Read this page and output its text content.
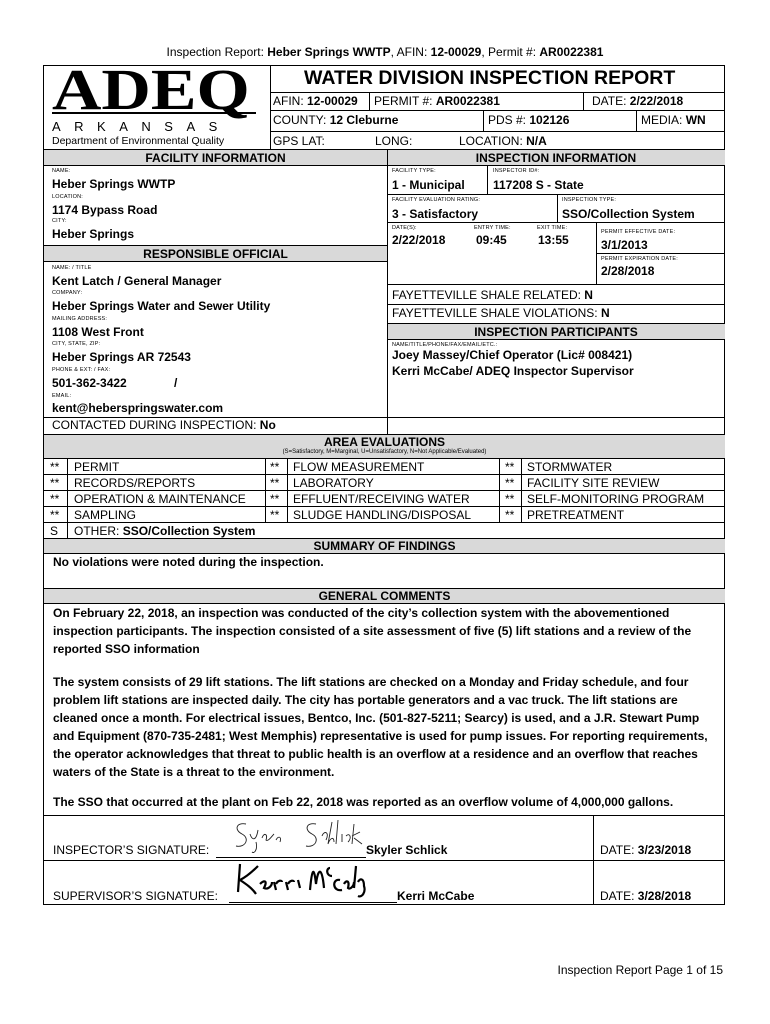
Inspection Report: Heber Springs WWTP, AFIN: 12-00029, Permit #: AR0022381
ADEQ
ARKANSAS
Department of Environmental Quality
WATER DIVISION INSPECTION REPORT
AFIN: 12-00029 PERMIT #: AR0022381	DATE: 2/22/2018
COUNTY: 12 Cleburne	PDS #: 102126	MEDIA: WN
GPS LAT:	LONG:	LOCATION: N/A
FACILITY INFORMATION	INSPECTION INFORMATION
NAME:
Heber Springs WWTP
LOCATION:
1174 Bypass Road
CITY:
Heber Springs
RESPONSIBLE OFFICIAL
NAME: / TITLE
Kent Latch / General Manager
COMPANY:
Heber Springs Water and Sewer Utility
MAILING ADDRESS:
1108 West Front
CITY, STATE, ZIP:
Heber Springs AR 72543
PHONE & EXT: / FAX:
501-362-3422	/
EMAIL:
kent@heberspringswater.com
CONTACTED DURING INSPECTION: No
FACILITY TYPE:
1 - Municipal
INSPECTOR ID#:
117208 S - State
FACILITY EVALUATION RATING:
3 - Satisfactory
INSPECTION TYPE:
SSO/Collection System
DATE(S):	ENTRY TIME:	EXIT TIME:
2/22/2018	09:45	13:55
PERMIT EFFECTIVE DATE:
3/1/2013
PERMIT EXPIRATION DATE:
2/28/2018
FAYETTEVILLE SHALE RELATED: N
FAYETTEVILLE SHALE VIOLATIONS: N
INSPECTION PARTICIPANTS
NAME/TITLE/PHONE/FAX/EMAIL/ETC.:
Joey Massey/Chief Operator (Lic# 008421)
Kerri McCabe/ ADEQ Inspector Supervisor
AREA EVALUATIONS
(S=Satisfactory, M=Marginal, U=Unsatisfactory, N=Not Applicable/Evaluated)
** PERMIT	** FLOW MEASUREMENT	** STORMWATER
** RECORDS/REPORTS	** LABORATORY	** FACILITY SITE REVIEW
** OPERATION & MAINTENANCE ** EFFLUENT/RECEIVING WATER	** SELF-MONITORING PROGRAM
** SAMPLING	** SLUDGE HANDLING/DISPOSAL	** PRETREATMENT
S OTHER: SSO/Collection System
SUMMARY OF FINDINGS
No violations were noted during the inspection.
GENERAL COMMENTS
On February 22, 2018, an inspection was conducted of the city’s collection system with the abovementioned inspection participants. The inspection consisted of a site assessment of five (5) lift stations and a review of the reported SSO information
The system consists of 29 lift stations. The lift stations are checked on a Monday and Friday schedule, and four problem lift stations are inspected daily. The city has portable generators and a vac truck. The lift stations are cleaned once a month. For electrical issues, Bentco, Inc. (501-827-5211; Searcy) is used, and a J.R. Stewart Pump and Equipment (870-735-2481; West Memphis) representative is used for pump issues. For reporting requirements, the operator acknowledges that threat to public health is an overflow at a residence and an overflow that reaches waters of the State is a threat to the environment.
The SSO that occurred at the plant on Feb 22, 2018 was reported as an overflow volume of 4,000,000 gallons.
INSPECTOR’S SIGNATURE:	Skyler Schlick	DATE: 3/23/2018
SUPERVISOR’S SIGNATURE:	Kerri McCabe	DATE: 3/28/2018
Inspection Report Page 1 of 15
